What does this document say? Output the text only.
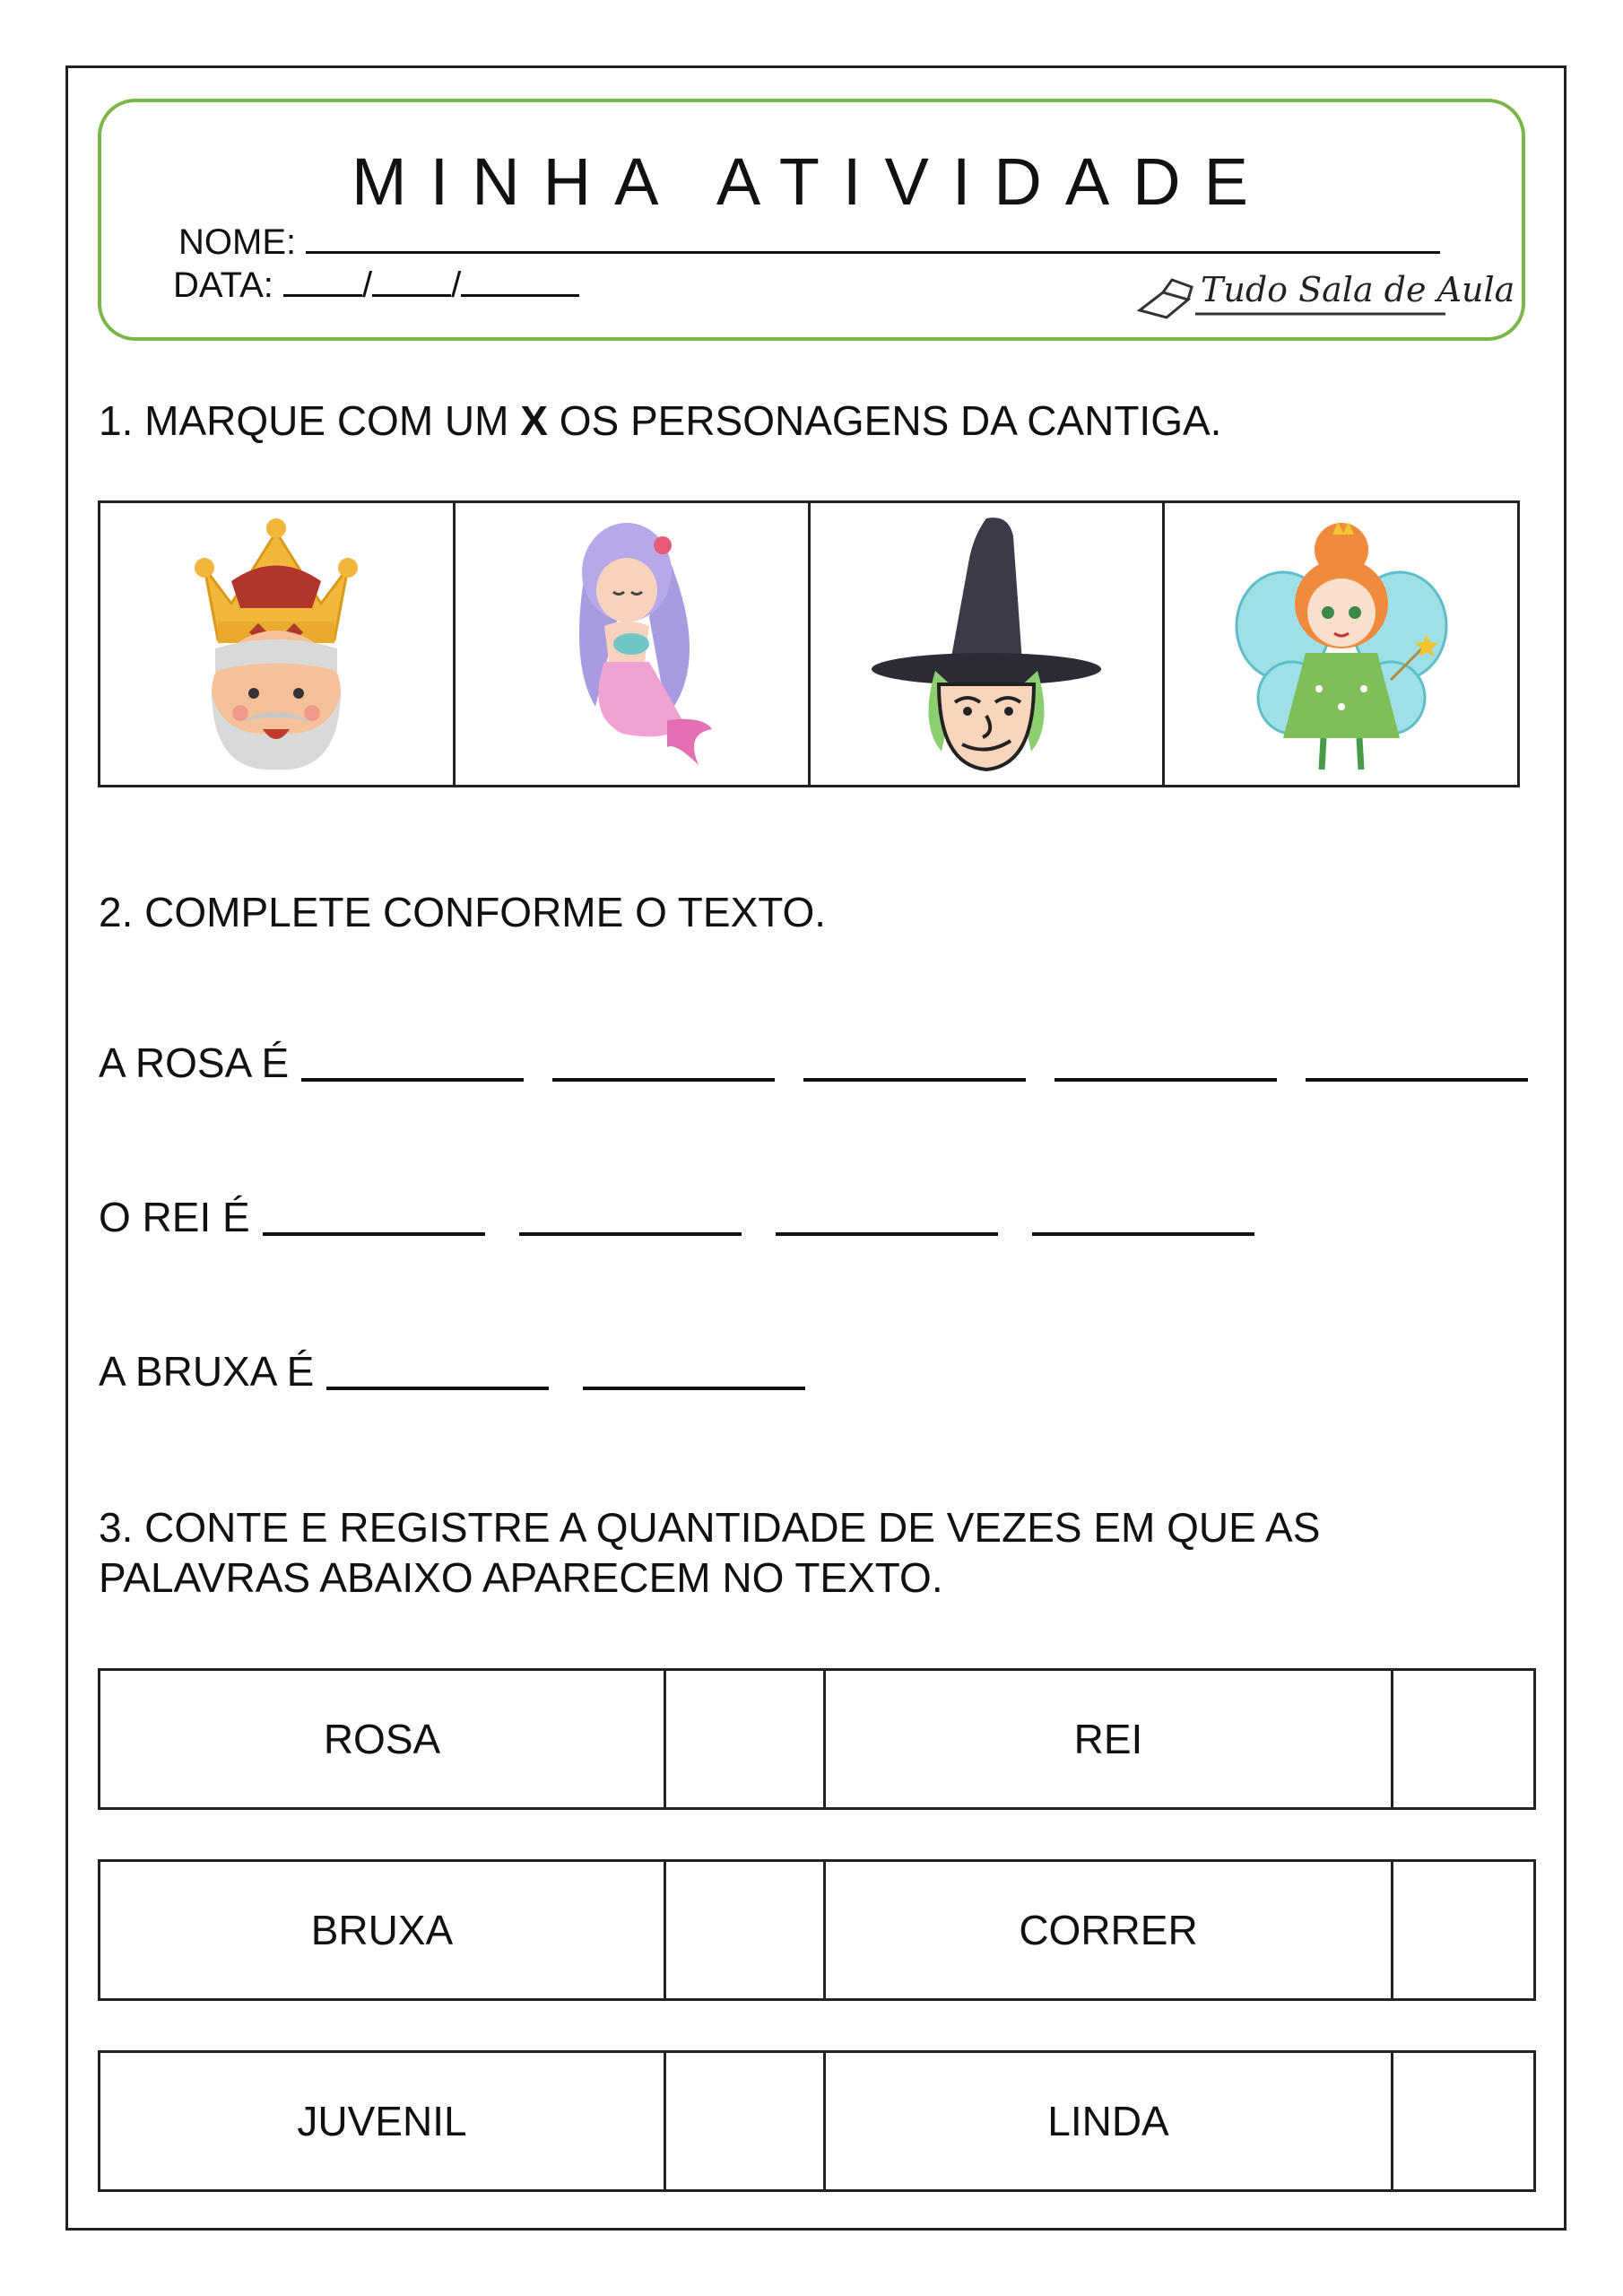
MINHA ATIVIDADE
NOME:
DATA: / /	Tudo Sala de Aula
1. MARQUE COM UM X OS PERSONAGENS DA CANTIGA.
2. COMPLETE CONFORME O TEXTO.
A ROSA É
O REI É
A BRUXA É
3. CONTE E REGISTRE A QUANTIDADE DE VEZES EM QUE AS
PALAVRAS ABAIXO APARECEM NO TEXTO.
ROSA	REI
BRUXA	CORRER
JUVENIL	LINDA
